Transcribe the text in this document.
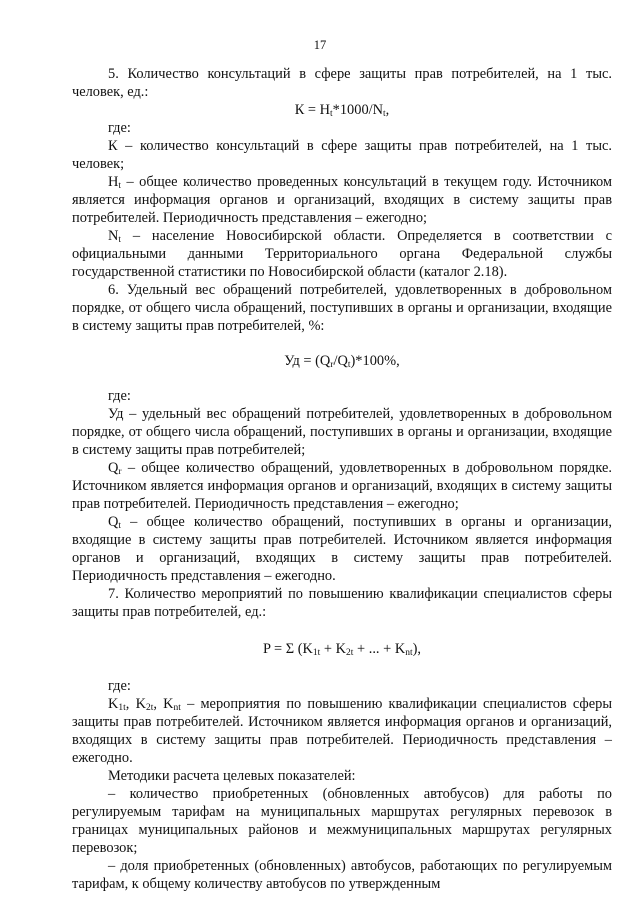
17

5. Количество консультаций в сфере защиты прав потребителей, на 1 тыс. человек, ед.:

$К = Н_t*1000/N_t$,

где:

К – количество консультаций в сфере защиты прав потребителей, на 1 тыс. человек;

$Н_t$ – общее количество проведенных консультаций в текущем году. Источником является информация органов и организаций, входящих в систему защиты прав потребителей. Периодичность представления – ежегодно;

$N_t$ – население Новосибирской области. Определяется в соответствии с официальными данными Территориального органа Федеральной службы государственной статистики по Новосибирской области (каталог 2.18).

6. Удельный вес обращений потребителей, удовлетворенных в добровольном порядке, от общего числа обращений, поступивших в органы и организации, входящие в систему защиты прав потребителей, %:

Уд = $(Q_r/Q_t)*100\%$,

где:

Уд – удельный вес обращений потребителей, удовлетворенных в добровольном порядке, от общего числа обращений, поступивших в органы и организации, входящие в систему защиты прав потребителей;

$Q_r$ – общее количество обращений, удовлетворенных в добровольном порядке. Источником является информация органов и организаций, входящих в систему защиты прав потребителей. Периодичность представления – ежегодно;

$Q_t$ – общее количество обращений, поступивших в органы и организации, входящие в систему защиты прав потребителей. Источником является информация органов и организаций, входящих в систему защиты прав потребителей. Периодичность представления – ежегодно.

7. Количество мероприятий по повышению квалификации специалистов сферы защиты прав потребителей, ед.:

P = Σ ($K_{1t} + K_{2t}$ + ... + $K_{nt}$),

где:

$K_{1t}$, $K_{2t}$, $K_{nt}$ – мероприятия по повышению квалификации специалистов сферы защиты прав потребителей. Источником является информация органов и организаций, входящих в систему защиты прав потребителей. Периодичность представления – ежегодно.

Методики расчета целевых показателей:

– количество приобретенных (обновленных автобусов) для работы по регулируемым тарифам на муниципальных маршрутах регулярных перевозок в границах муниципальных районов и межмуниципальных маршрутах регулярных перевозок;

– доля приобретенных (обновленных) автобусов, работающих по регулируемым тарифам, к общему количеству автобусов по утвержденным
